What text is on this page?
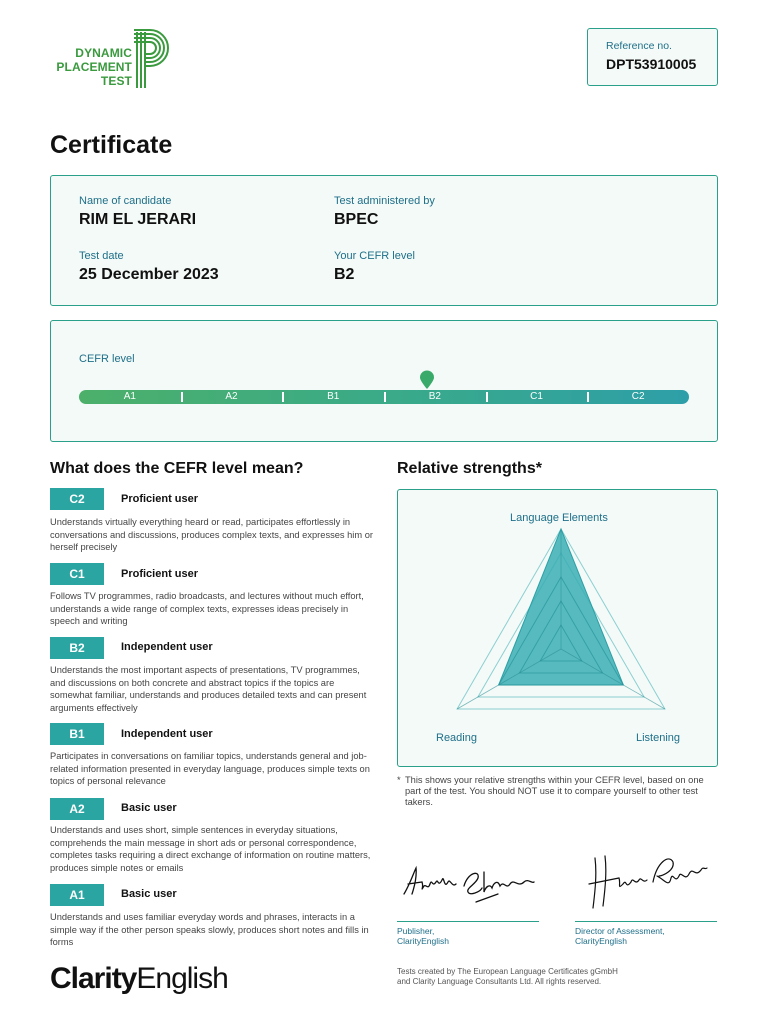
DYNAMIC
PLACEMENT
TEST
Reference no.
DPT53910005
Certificate
Name of candidate
RIM EL JERARI
Test administered by
BPEC
Test date
25 December 2023
Your CEFR level
B2
CEFR level
A1	A2	B1	B2	C1	C2
What does the CEFR level mean?
C2	Proficient user
Understands virtually everything heard or read, participates effortlessly in conversations and discussions, produces complex texts, and expresses him or herself precisely
C1	Proficient user
Follows TV programmes, radio broadcasts, and lectures without much effort, understands a wide range of complex texts, expresses ideas precisely in speech and writing
B2	Independent user
Understands the most important aspects of presentations, TV programmes, and discussions on both concrete and abstract topics if the topics are somewhat familiar, understands and produces detailed texts and can present arguments effectively
B1	Independent user
Participates in conversations on familiar topics, understands general and job-related information presented in everyday language, produces simple texts on topics of personal relevance
A2	Basic user
Understands and uses short, simple sentences in everyday situations, comprehends the main message in short ads or personal correspondence, completes tasks requiring a direct exchange of information on routine matters, produces simple notes or emails
A1	Basic user
Understands and uses familiar everyday words and phrases, interacts in a simple way if the other person speaks slowly, produces short notes and fills in forms
Relative strengths*
Language Elements
Reading	Listening
* This shows your relative strengths within your CEFR level, based on one part of the test. You should NOT use it to compare yourself to other test takers.
Publisher,
ClarityEnglish
Director of Assessment,
ClarityEnglish
ClarityEnglish	Tests created by The European Language Certificates gGmbH
and Clarity Language Consultants Ltd. All rights reserved.
